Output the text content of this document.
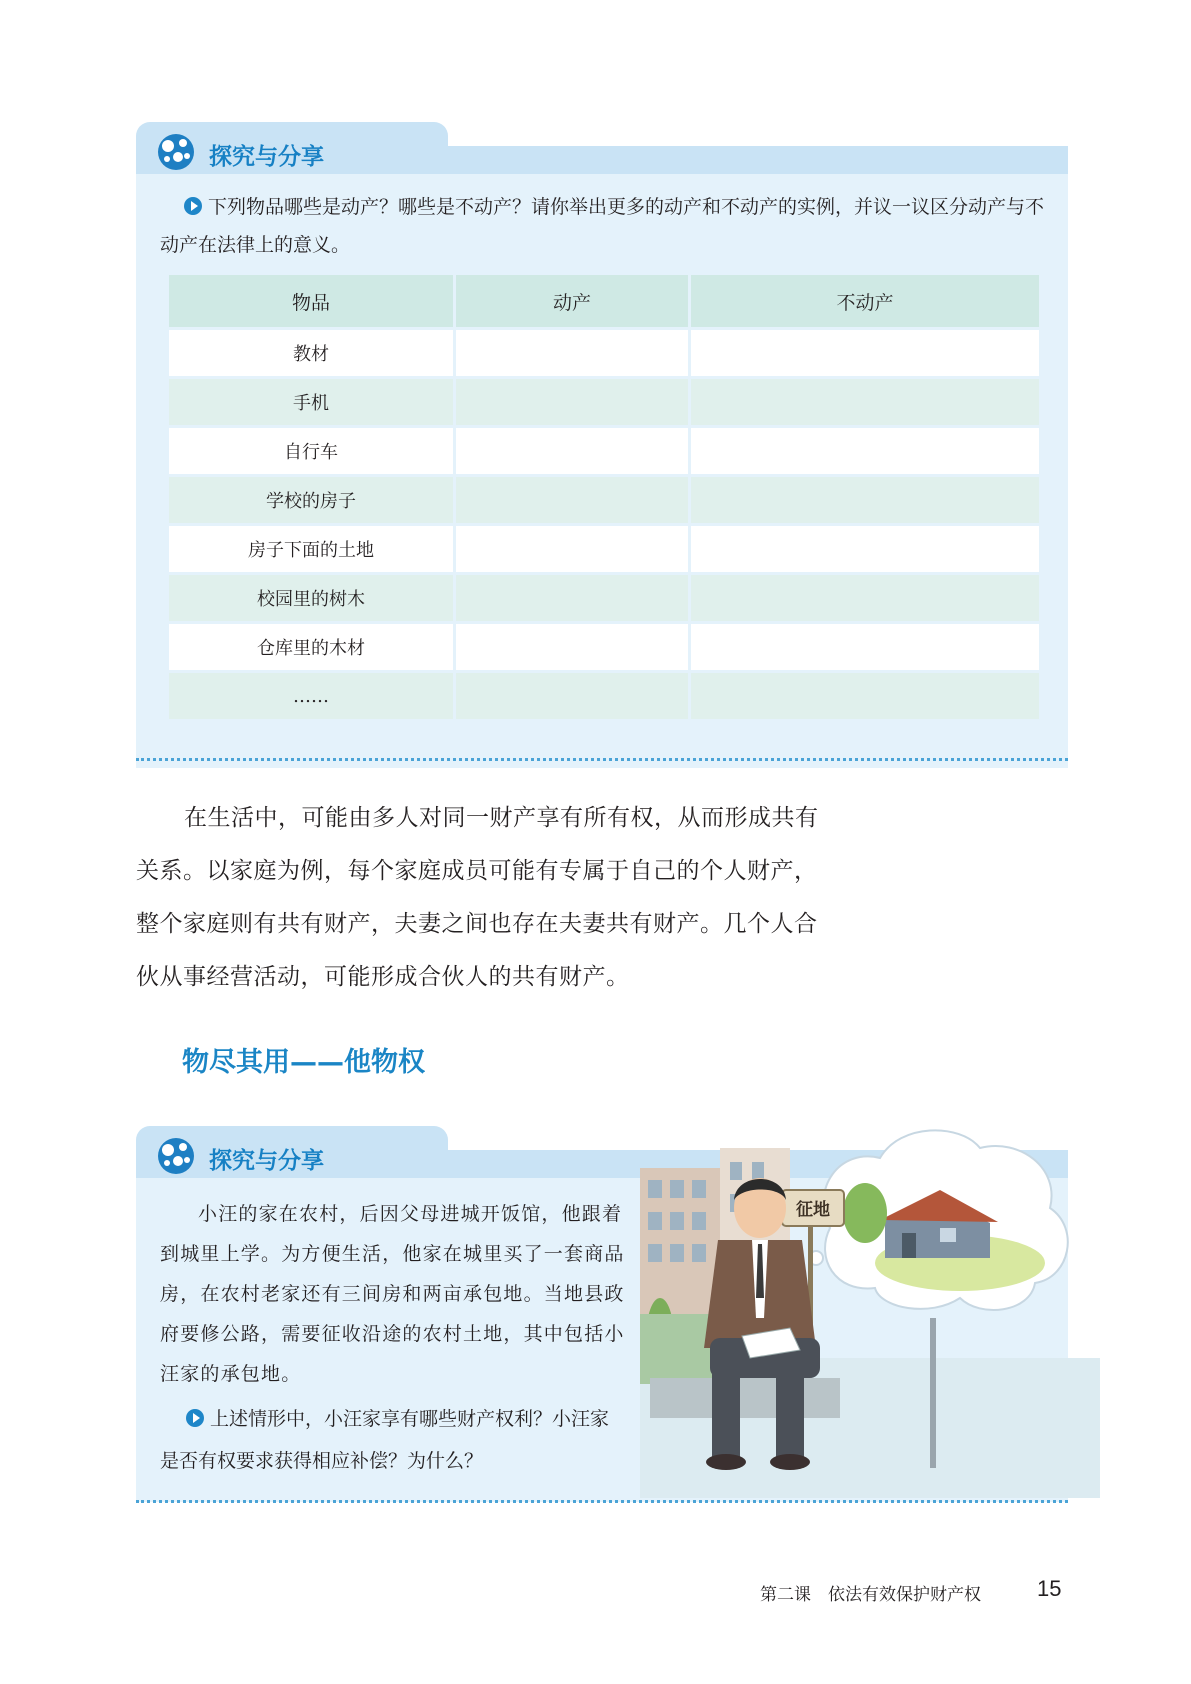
探究与分享
下列物品哪些是动产？哪些是不动产？请你举出更多的动产和不动产的实例，并议一议区分动产与不动产在法律上的意义。
物品	动产	不动产
教材		
手机		
自行车		
学校的房子		
房子下面的土地		
校园里的树木		
仓库里的木材		
……		
在生活中，可能由多人对同一财产享有所有权，从而形成共有关系。以家庭为例，每个家庭成员可能有专属于自己的个人财产，整个家庭则有共有财产，夫妻之间也存在夫妻共有财产。几个人合伙从事经营活动，可能形成合伙人的共有财产。
物尽其用——他物权
探究与分享
小汪的家在农村，后因父母进城开饭馆，他跟着到城里上学。为方便生活，他家在城里买了一套商品房，在农村老家还有三间房和两亩承包地。当地县政府要修公路，需要征收沿途的农村土地，其中包括小汪家的承包地。
上述情形中，小汪家享有哪些财产权利？小汪家是否有权要求获得相应补偿？为什么？
征地
第二课　依法有效保护财产权	15
